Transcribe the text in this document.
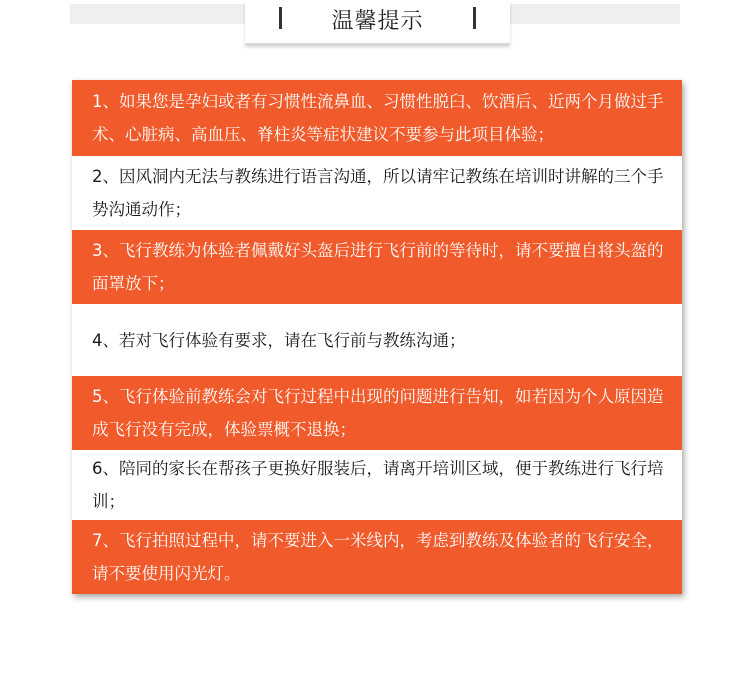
温馨提示
1、如果您是孕妇或者有习惯性流鼻血、习惯性脱臼、饮酒后、近两个月做过手术、心脏病、高血压、脊柱炎等症状建议不要参与此项目体验；
2、因风洞内无法与教练进行语言沟通，所以请牢记教练在培训时讲解的三个手势沟通动作；
3、飞行教练为体验者佩戴好头盔后进行飞行前的等待时，请不要擅自将头盔的面罩放下；
4、若对飞行体验有要求，请在飞行前与教练沟通；
5、飞行体验前教练会对飞行过程中出现的问题进行告知，如若因为个人原因造成飞行没有完成，体验票概不退换；
6、陪同的家长在帮孩子更换好服装后，请离开培训区域，便于教练进行飞行培训；
7、飞行拍照过程中，请不要进入一米线内，考虑到教练及体验者的飞行安全，请不要使用闪光灯。
